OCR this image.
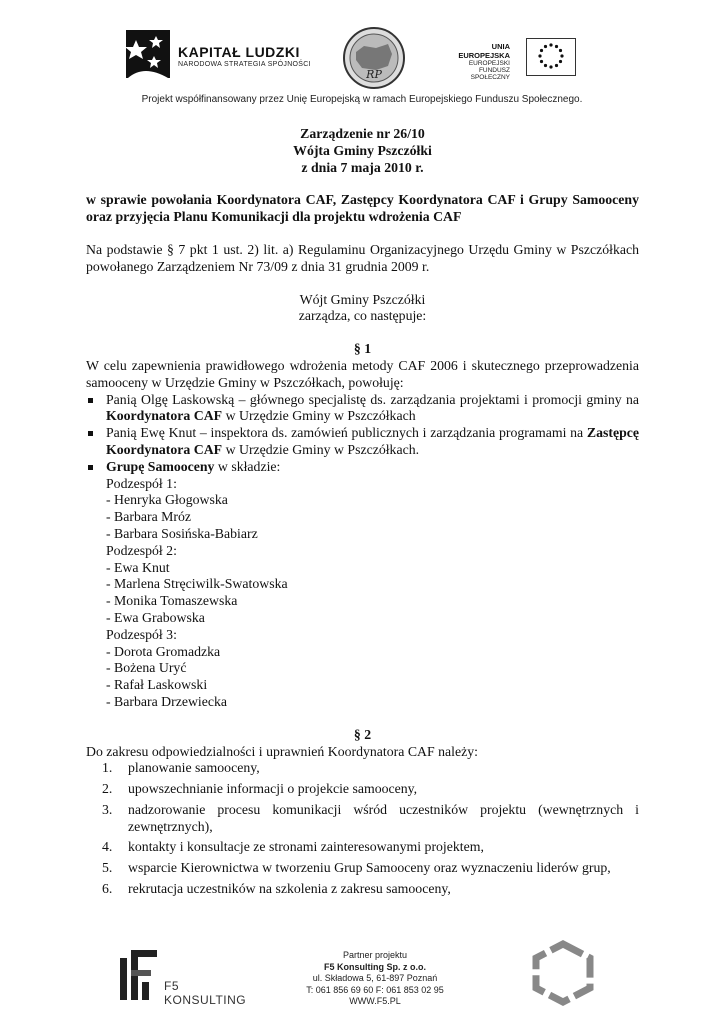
KAPITAŁ LUDZKI
NARODOWA STRATEGIA SPÓJNOŚCI
RP
UNIA EUROPEJSKA
EUROPEJSKI
FUNDUSZ SPOŁECZNY
Projekt współfinansowany przez Unię Europejską w ramach Europejskiego Funduszu Społecznego.
Zarządzenie nr 26/10
Wójta Gminy Pszczółki
z dnia 7 maja 2010 r.
w sprawie powołania Koordynatora CAF, Zastępcy Koordynatora CAF i Grupy Samooceny oraz przyjęcia Planu Komunikacji dla projektu wdrożenia CAF
Na podstawie § 7 pkt 1 ust. 2) lit. a) Regulaminu Organizacyjnego Urzędu Gminy w Pszczółkach powołanego Zarządzeniem Nr 73/09 z dnia 31 grudnia 2009 r.
Wójt Gminy Pszczółki
zarządza, co następuje:
§ 1
W celu zapewnienia prawidłowego wdrożenia metody CAF 2006 i skutecznego przeprowadzenia samooceny w Urzędzie Gminy w Pszczółkach, powołuję:
Panią Olgę Laskowską – głównego specjalistę ds. zarządzania projektami i promocji gminy na Koordynatora CAF w Urzędzie Gminy w Pszczółkach
Panią Ewę Knut – inspektora ds. zamówień publicznych i zarządzania programami na Zastępcę Koordynatora CAF w Urzędzie Gminy w Pszczółkach.
Grupę Samooceny w składzie:
Podzespół 1:
- Henryka Głogowska
- Barbara Mróz
- Barbara Sosińska-Babiarz
Podzespół 2:
- Ewa Knut
- Marlena Stręciwilk-Swatowska
- Monika Tomaszewska
- Ewa Grabowska
Podzespół 3:
- Dorota Gromadzka
- Bożena Uryć
- Rafał Laskowski
- Barbara Drzewiecka
§ 2
Do zakresu odpowiedzialności i uprawnień Koordynatora CAF należy:
1. planowanie samooceny,
2. upowszechnianie informacji o projekcie samooceny,
3. nadzorowanie procesu komunikacji wśród uczestników projektu (wewnętrznych i zewnętrznych),
4. kontakty i konsultacje ze stronami zainteresowanymi projektem,
5. wsparcie Kierownictwa w tworzeniu Grup Samooceny oraz wyznaczeniu liderów grup,
6. rekrutacja uczestników na szkolenia z zakresu samooceny,
F5 KONSULTING
Partner projektu
F5 Konsulting Sp. z o.o.
ul. Składowa 5, 61-897 Poznań
T: 061 856 69 60 F: 061 853 02 95
WWW.F5.PL
